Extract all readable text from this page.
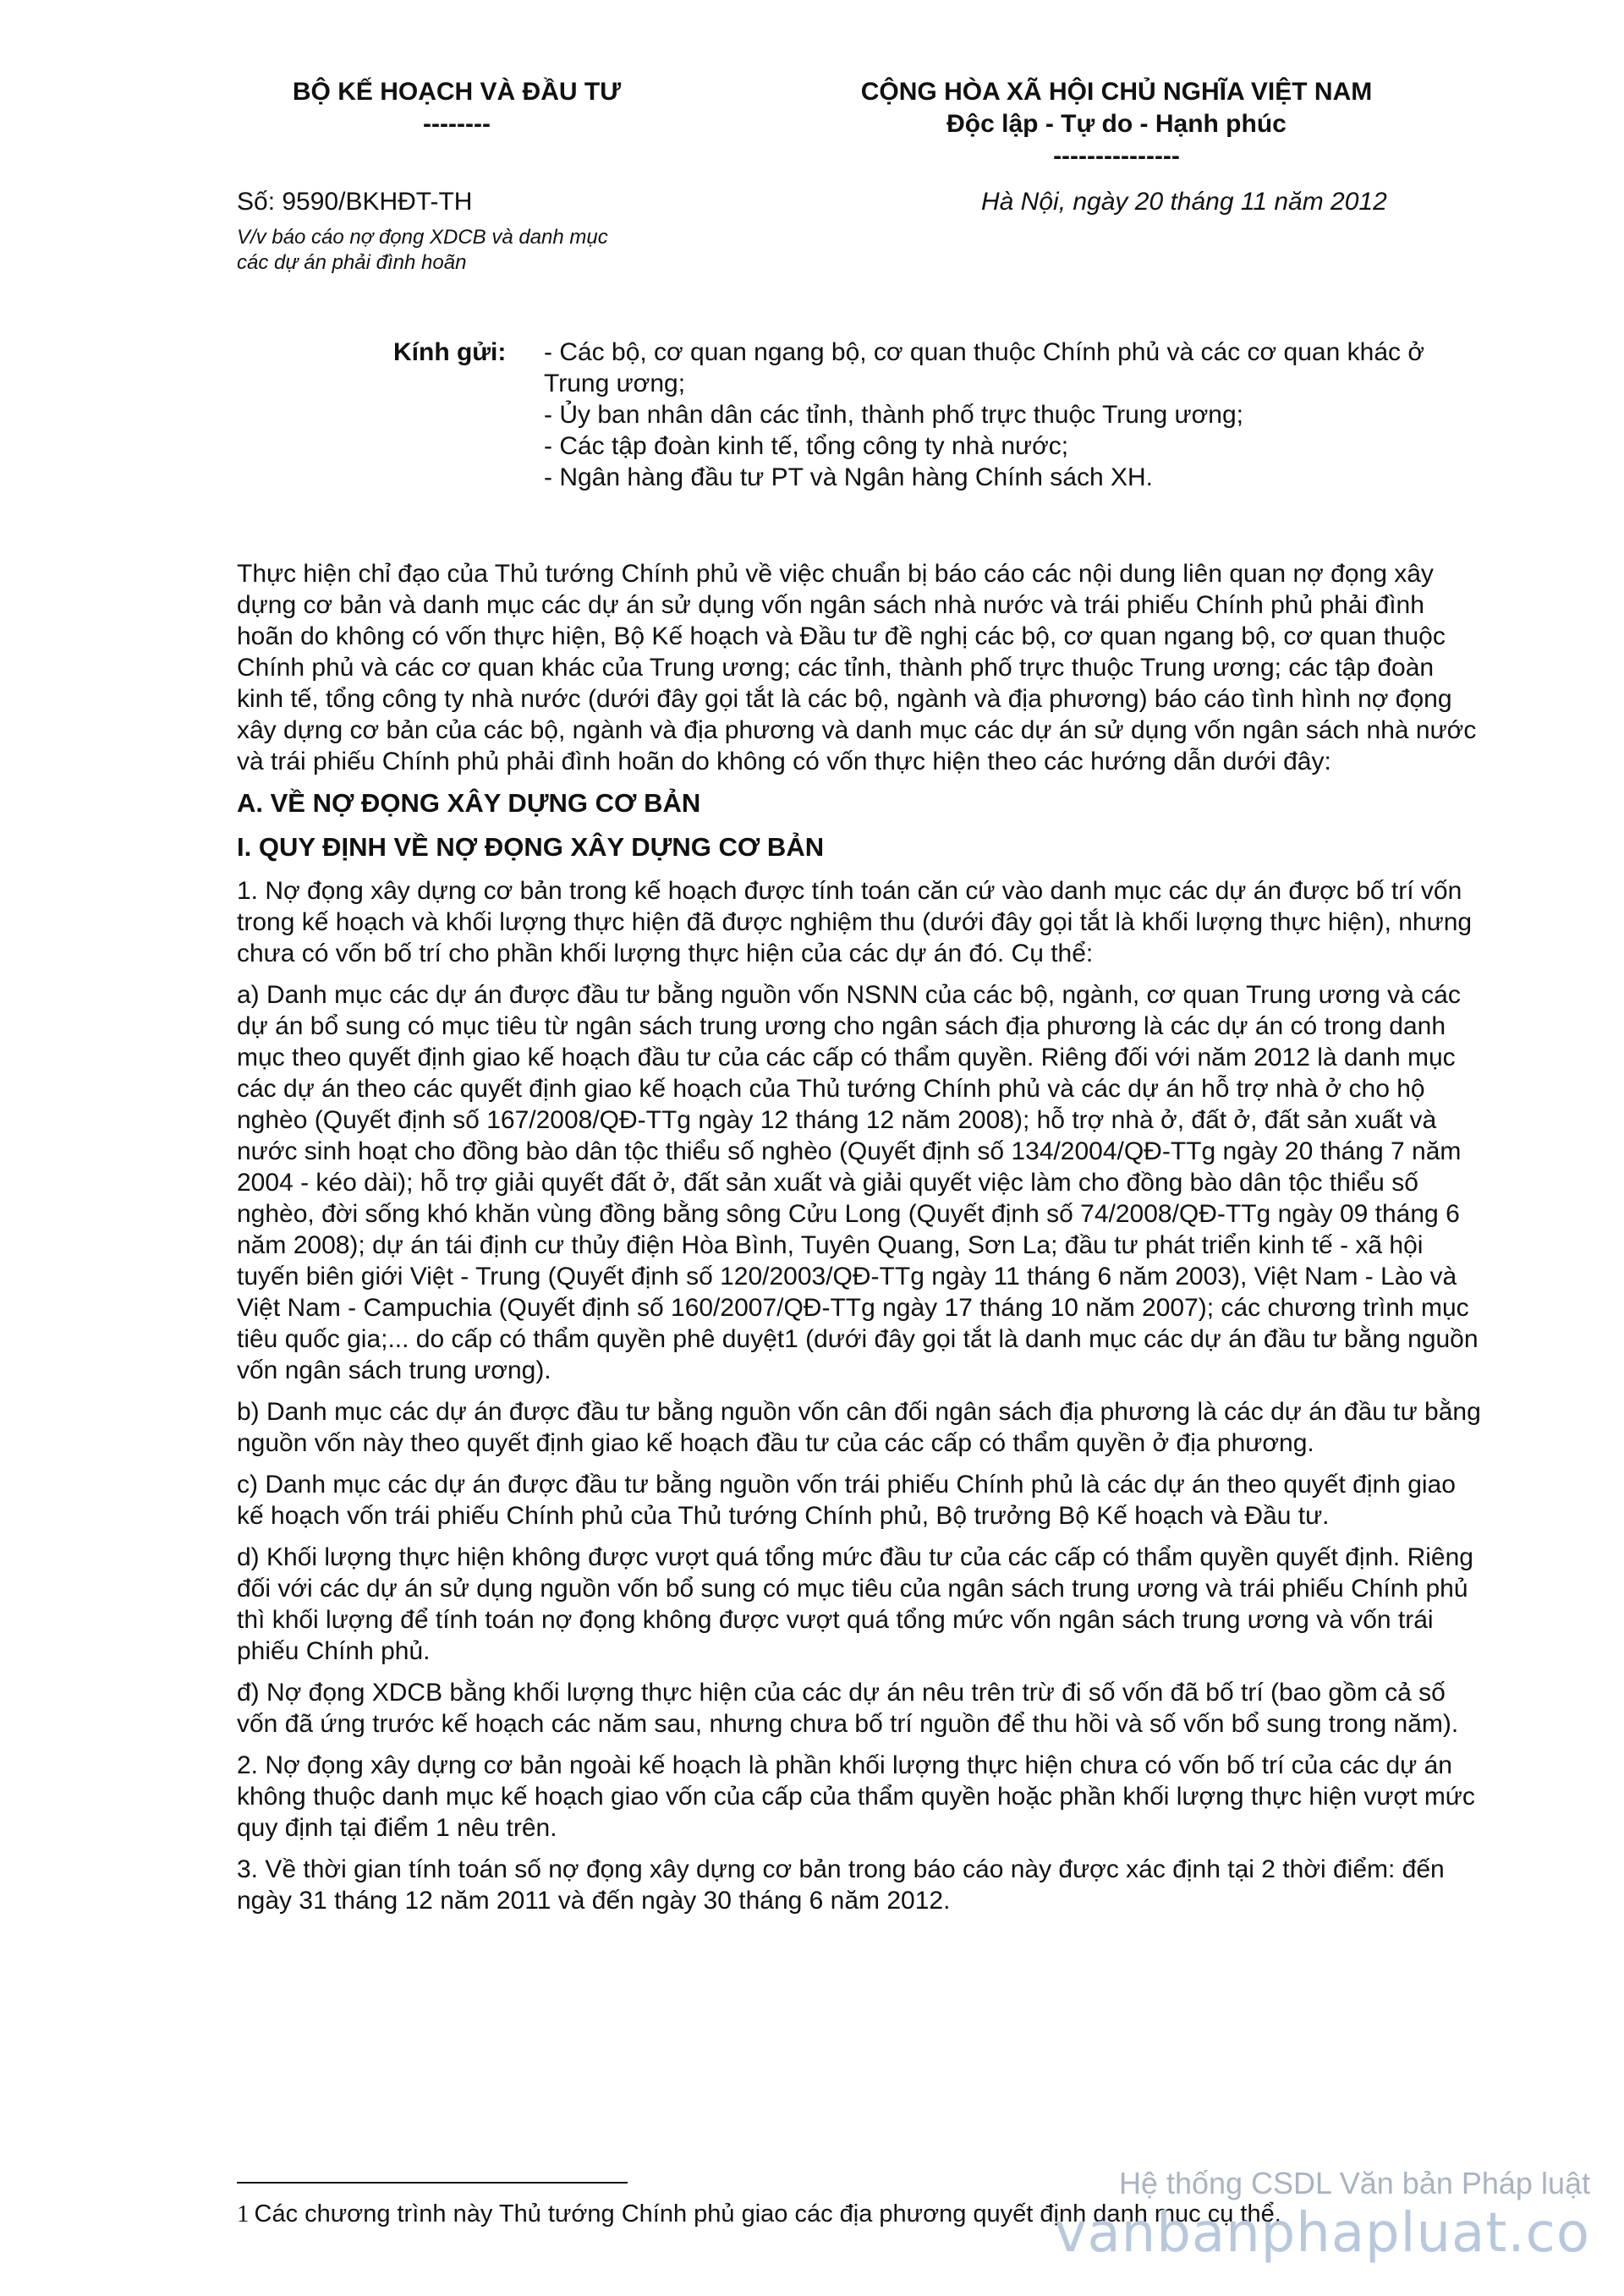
BỘ KẾ HOẠCH VÀ ĐẦU TƯ
--------
CỘNG HÒA XÃ HỘI CHỦ NGHĨA VIỆT NAM
Độc lập - Tự do - Hạnh phúc
---------------
Số: 9590/BKHĐT-TH	Hà Nội, ngày 20 tháng 11 năm 2012
V/v báo cáo nợ đọng XDCB và danh mục
các dự án phải đình hoãn
Kính gửi: - Các bộ, cơ quan ngang bộ, cơ quan thuộc Chính phủ và các cơ quan khác ở Trung ương;
- Ủy ban nhân dân các tỉnh, thành phố trực thuộc Trung ương;
- Các tập đoàn kinh tế, tổng công ty nhà nước;
- Ngân hàng đầu tư PT và Ngân hàng Chính sách XH.

Thực hiện chỉ đạo của Thủ tướng Chính phủ về việc chuẩn bị báo cáo các nội dung liên quan nợ đọng xây dựng cơ bản và danh mục các dự án sử dụng vốn ngân sách nhà nước và trái phiếu Chính phủ phải đình hoãn do không có vốn thực hiện, Bộ Kế hoạch và Đầu tư đề nghị các bộ, cơ quan ngang bộ, cơ quan thuộc Chính phủ và các cơ quan khác của Trung ương; các tỉnh, thành phố trực thuộc Trung ương; các tập đoàn kinh tế, tổng công ty nhà nước (dưới đây gọi tắt là các bộ, ngành và địa phương) báo cáo tình hình nợ đọng xây dựng cơ bản của các bộ, ngành và địa phương và danh mục các dự án sử dụng vốn ngân sách nhà nước và trái phiếu Chính phủ phải đình hoãn do không có vốn thực hiện theo các hướng dẫn dưới đây:

A. VỀ NỢ ĐỌNG XÂY DỰNG CƠ BẢN
I. QUY ĐỊNH VỀ NỢ ĐỌNG XÂY DỰNG CƠ BẢN

1. Nợ đọng xây dựng cơ bản trong kế hoạch được tính toán căn cứ vào danh mục các dự án được bố trí vốn trong kế hoạch và khối lượng thực hiện đã được nghiệm thu (dưới đây gọi tắt là khối lượng thực hiện), nhưng chưa có vốn bố trí cho phần khối lượng thực hiện của các dự án đó. Cụ thể:

a) Danh mục các dự án được đầu tư bằng nguồn vốn NSNN của các bộ, ngành, cơ quan Trung ương và các dự án bổ sung có mục tiêu từ ngân sách trung ương cho ngân sách địa phương là các dự án có trong danh mục theo quyết định giao kế hoạch đầu tư của các cấp có thẩm quyền. Riêng đối với năm 2012 là danh mục các dự án theo các quyết định giao kế hoạch của Thủ tướng Chính phủ và các dự án hỗ trợ nhà ở cho hộ nghèo (Quyết định số 167/2008/QĐ-TTg ngày 12 tháng 12 năm 2008); hỗ trợ nhà ở, đất ở, đất sản xuất và nước sinh hoạt cho đồng bào dân tộc thiểu số nghèo (Quyết định số 134/2004/QĐ-TTg ngày 20 tháng 7 năm 2004 - kéo dài); hỗ trợ giải quyết đất ở, đất sản xuất và giải quyết việc làm cho đồng bào dân tộc thiểu số nghèo, đời sống khó khăn vùng đồng bằng sông Cửu Long (Quyết định số 74/2008/QĐ-TTg ngày 09 tháng 6 năm 2008); dự án tái định cư thủy điện Hòa Bình, Tuyên Quang, Sơn La; đầu tư phát triển kinh tế - xã hội tuyến biên giới Việt - Trung (Quyết định số 120/2003/QĐ-TTg ngày 11 tháng 6 năm 2003), Việt Nam - Lào và Việt Nam - Campuchia (Quyết định số 160/2007/QĐ-TTg ngày 17 tháng 10 năm 2007); các chương trình mục tiêu quốc gia;... do cấp có thẩm quyền phê duyệt1 (dưới đây gọi tắt là danh mục các dự án đầu tư bằng nguồn vốn ngân sách trung ương).

b) Danh mục các dự án được đầu tư bằng nguồn vốn cân đối ngân sách địa phương là các dự án đầu tư bằng nguồn vốn này theo quyết định giao kế hoạch đầu tư của các cấp có thẩm quyền ở địa phương.

c) Danh mục các dự án được đầu tư bằng nguồn vốn trái phiếu Chính phủ là các dự án theo quyết định giao kế hoạch vốn trái phiếu Chính phủ của Thủ tướng Chính phủ, Bộ trưởng Bộ Kế hoạch và Đầu tư.

d) Khối lượng thực hiện không được vượt quá tổng mức đầu tư của các cấp có thẩm quyền quyết định. Riêng đối với các dự án sử dụng nguồn vốn bổ sung có mục tiêu của ngân sách trung ương và trái phiếu Chính phủ thì khối lượng để tính toán nợ đọng không được vượt quá tổng mức vốn ngân sách trung ương và vốn trái phiếu Chính phủ.

đ) Nợ đọng XDCB bằng khối lượng thực hiện của các dự án nêu trên trừ đi số vốn đã bố trí (bao gồm cả số vốn đã ứng trước kế hoạch các năm sau, nhưng chưa bố trí nguồn để thu hồi và số vốn bổ sung trong năm).

2. Nợ đọng xây dựng cơ bản ngoài kế hoạch là phần khối lượng thực hiện chưa có vốn bố trí của các dự án không thuộc danh mục kế hoạch giao vốn của cấp của thẩm quyền hoặc phần khối lượng thực hiện vượt mức quy định tại điểm 1 nêu trên.

3. Về thời gian tính toán số nợ đọng xây dựng cơ bản trong báo cáo này được xác định tại 2 thời điểm: đến ngày 31 tháng 12 năm 2011 và đến ngày 30 tháng 6 năm 2012.

1 Các chương trình này Thủ tướng Chính phủ giao các địa phương quyết định danh mục cụ thể.
Hệ thống CSDL Văn bản Pháp luật
vanbanphapluat.co
